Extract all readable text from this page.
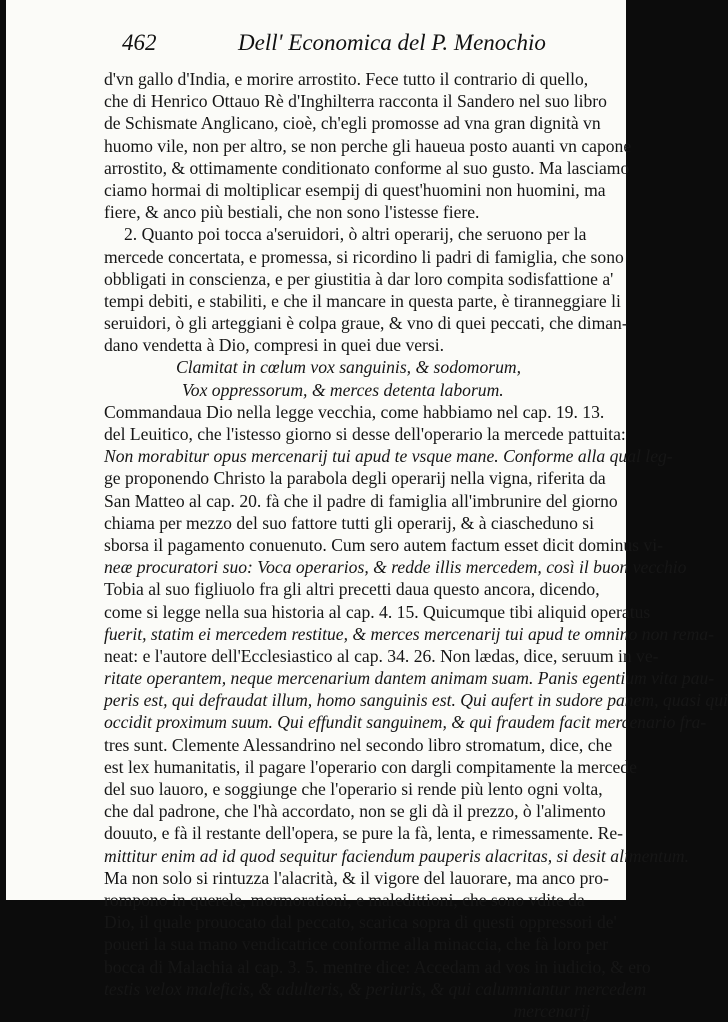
462	Dell' Economica del P. Menochio
d'vn gallo d'India, e morire arrostito. Fece tutto il contrario di quello,
che di Henrico Ottauo Rè d'Inghilterra racconta il Sandero nel suo libro
de Schismate Anglicano, cioè, ch'egli promosse ad vna gran dignità vn
huomo vile, non per altro, se non perche gli haueua posto auanti vn capone
arrostito, & ottimamente conditionato conforme al suo gusto. Ma lasciamo
ciamo hormai di moltiplicar esempij di quest'huomini non huomini, ma
fiere, & anco più bestiali, che non sono l'istesse fiere.
2. Quanto poi tocca a'seruidori, ò altri operarij, che seruono per la
mercede concertata, e promessa, si ricordino li padri di famiglia, che sono
obbligati in conscienza, e per giustitia à dar loro compita sodisfattione a'
tempi debiti, e stabiliti, e che il mancare in questa parte, è tiranneggiare li
seruidori, ò gli arteggiani è colpa graue, & vno di quei peccati, che diman-
dano vendetta à Dio, compresi in quei due versi.
Clamitat in cœlum vox sanguinis, & sodomorum,
Vox oppressorum, & merces detenta laborum.
Commandaua Dio nella legge vecchia, come habbiamo nel cap. 19. 13.
del Leuitico, che l'istesso giorno si desse dell'operario la mercede pattuita:
Non morabitur opus mercenarij tui apud te vsque mane. Conforme alla qual leg-
ge proponendo Christo la parabola degli operarij nella vigna, riferita da
San Matteo al cap. 20. fà che il padre di famiglia all'imbrunire del giorno
chiama per mezzo del suo fattore tutti gli operarij, & à ciascheduno si
sborsa il pagamento conuenuto. Cum sero autem factum esset dicit dominus vi-
neæ procuratori suo: Voca operarios, & redde illis mercedem, così il buon vecchio
Tobia al suo figliuolo fra gli altri precetti daua questo ancora, dicendo,
come si legge nella sua historia al cap. 4. 15. Quicumque tibi aliquid operatus
fuerit, statim ei mercedem restitue, & merces mercenarij tui apud te omnino non rema-
neat: e l'autore dell'Ecclesiastico al cap. 34. 26. Non lædas, dice, seruum in ve-
ritate operantem, neque mercenarium dantem animam suam. Panis egentium vita pau-
peris est, qui defraudat illum, homo sanguinis est. Qui aufert in sudore panem, quasi qui
occidit proximum suum. Qui effundit sanguinem, & qui fraudem facit mercenario fra-
tres sunt. Clemente Alessandrino nel secondo libro stromatum, dice, che
est lex humanitatis, il pagare l'operario con dargli compitamente la mercede
del suo lauoro, e soggiunge che l'operario si rende più lento ogni volta,
che dal padrone, che l'hà accordato, non se gli dà il prezzo, ò l'alimento
douuto, e fà il restante dell'opera, se pure la fà, lenta, e rimessamente. Re-
mittitur enim ad id quod sequitur faciendum pauperis alacritas, si desit alimentum.
Ma non solo si rintuzza l'alacrità, & il vigore del lauorare, ma anco pro-
rompono in querele, mormorationi, e maledittioni, che sono vdite da
Dio, il quale prouocato dal peccato, scarica sopra di questi oppressori de'
poueri la sua mano vendicatrice conforme alla minaccia, che fà loro per
bocca di Malachia al cap. 3. 5. mentre dice: Accedam ad vos in iudicio, & ero
testis velox maleficis, & adulteris, & periuris, & qui calumniantur mercedem
mercenarij
